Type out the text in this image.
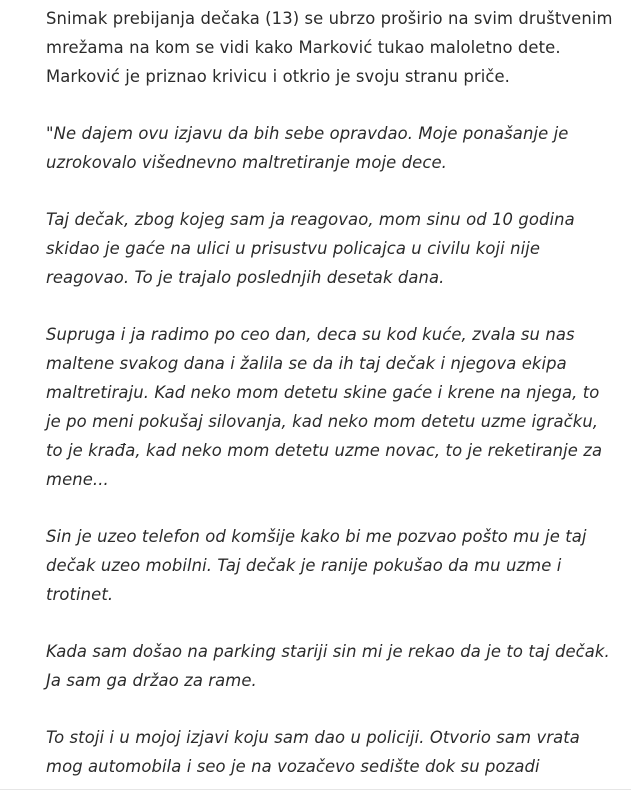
Snimak prebijanja dečaka (13) se ubrzo proširio na svim društvenim mrežama na kom se vidi kako Marković tukao maloletno dete. Marković je priznao krivicu i otkrio je svoju stranu priče.

"Ne dajem ovu izjavu da bih sebe opravdao. Moje ponašanje je uzrokovalo višednevno maltretiranje moje dece.

Taj dečak, zbog kojeg sam ja reagovao, mom sinu od 10 godina skidao je gaće na ulici u prisustvu policajca u civilu koji nije reagovao. To je trajalo poslednjih desetak dana.

Supruga i ja radimo po ceo dan, deca su kod kuće, zvala su nas maltene svakog dana i žalila se da ih taj dečak i njegova ekipa maltretiraju. Kad neko mom detetu skine gaće i krene na njega, to je po meni pokušaj silovanja, kad neko mom detetu uzme igračku, to je krađa, kad neko mom detetu uzme novac, to je reketiranje za mene...

Sin je uzeo telefon od komšije kako bi me pozvao pošto mu je taj dečak uzeo mobilni. Taj dečak je ranije pokušao da mu uzme i trotinet.

Kada sam došao na parking stariji sin mi je rekao da je to taj dečak. Ja sam ga držao za rame.

To stoji i u mojoj izjavi koju sam dao u policiji. Otvorio sam vrata mog automobila i seo je na vozačevo sedište dok su pozadi
